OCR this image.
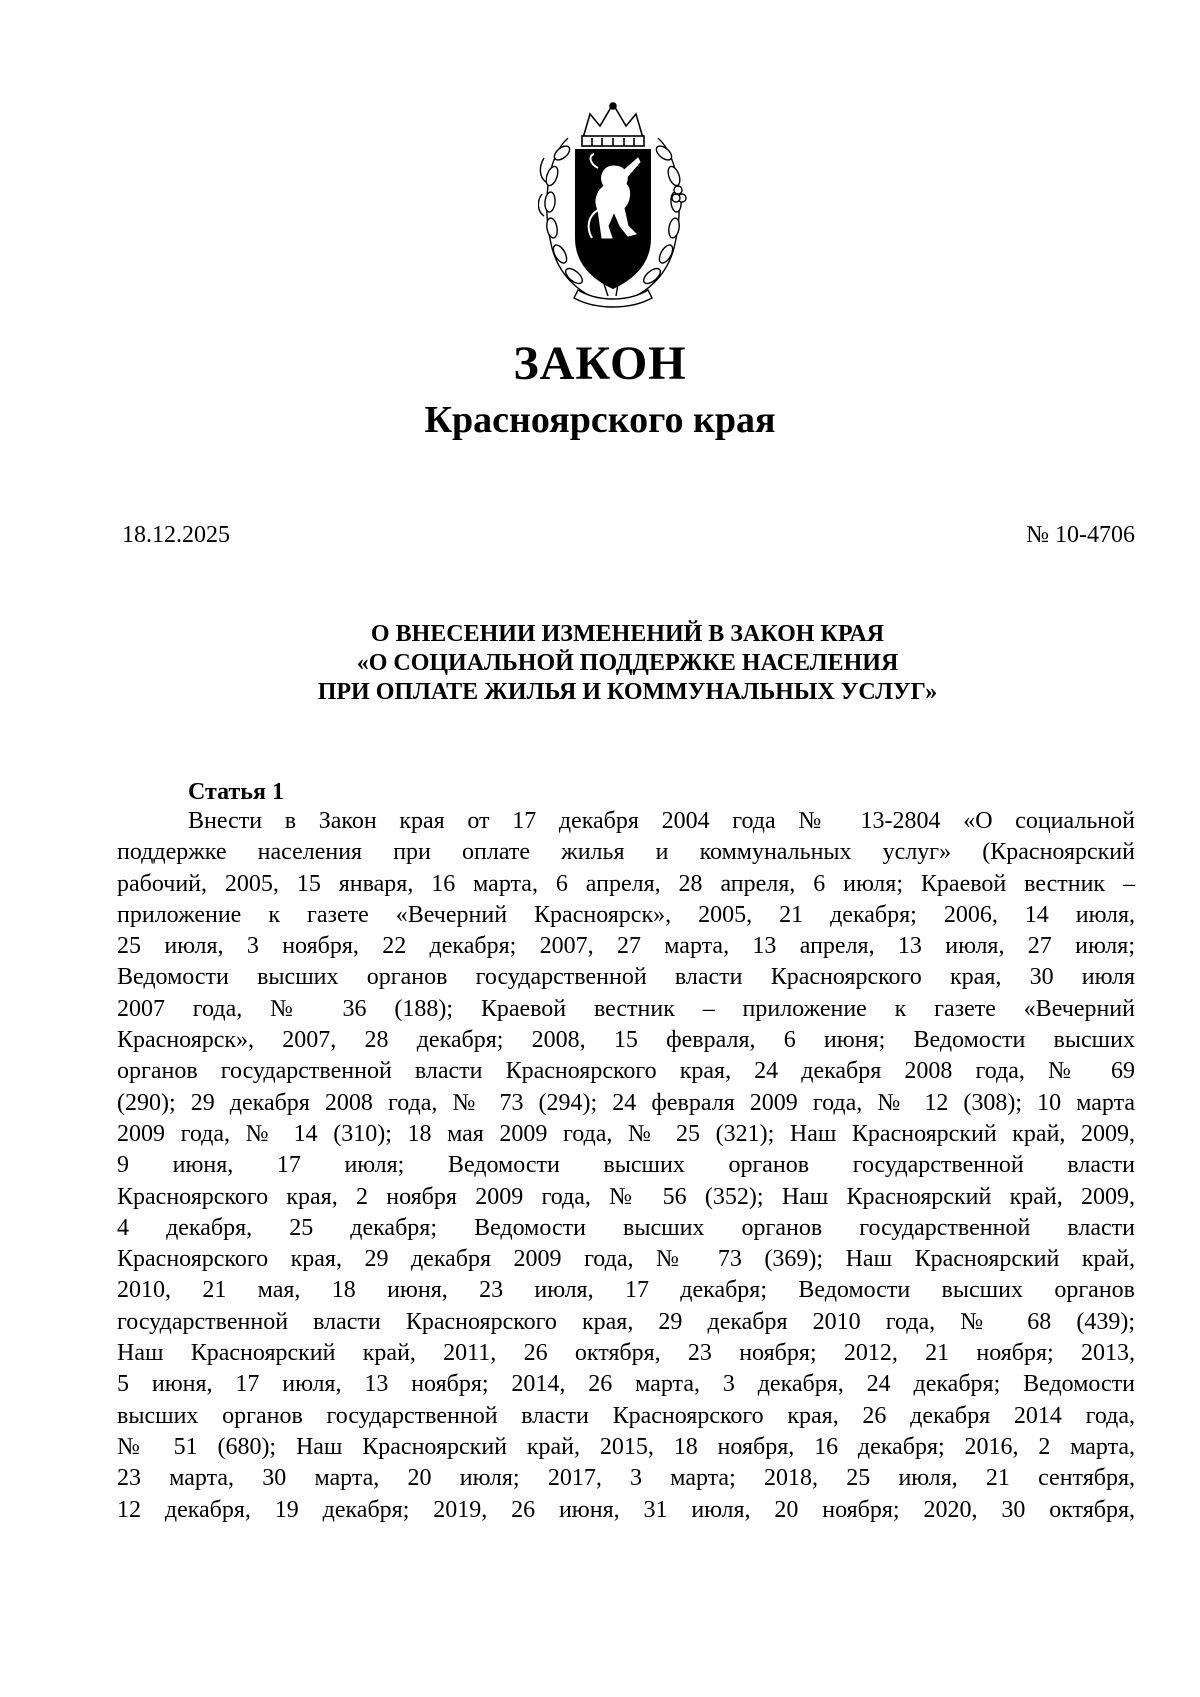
ЗАКОН
Красноярского края
18.12.2025	№ 10-4706
О ВНЕСЕНИИ ИЗМЕНЕНИЙ В ЗАКОН КРАЯ
«О СОЦИАЛЬНОЙ ПОДДЕРЖКЕ НАСЕЛЕНИЯ
ПРИ ОПЛАТЕ ЖИЛЬЯ И КОММУНАЛЬНЫХ УСЛУГ»
Статья 1
Внести в Закон края от 17 декабря 2004 года № 13-2804 «О социальной
поддержке населения при оплате жилья и коммунальных услуг» (Красноярский
рабочий, 2005, 15 января, 16 марта, 6 апреля, 28 апреля, 6 июля; Краевой вестник –
приложение к газете «Вечерний Красноярск», 2005, 21 декабря; 2006, 14 июля,
25 июля, 3 ноября, 22 декабря; 2007, 27 марта, 13 апреля, 13 июля, 27 июля;
Ведомости высших органов государственной власти Красноярского края, 30 июля
2007 года, № 36 (188); Краевой вестник – приложение к газете «Вечерний
Красноярск», 2007, 28 декабря; 2008, 15 февраля, 6 июня; Ведомости высших
органов государственной власти Красноярского края, 24 декабря 2008 года, № 69
(290); 29 декабря 2008 года, № 73 (294); 24 февраля 2009 года, № 12 (308); 10 марта
2009 года, № 14 (310); 18 мая 2009 года, № 25 (321); Наш Красноярский край, 2009,
9 июня, 17 июля; Ведомости высших органов государственной власти
Красноярского края, 2 ноября 2009 года, № 56 (352); Наш Красноярский край, 2009,
4 декабря, 25 декабря; Ведомости высших органов государственной власти
Красноярского края, 29 декабря 2009 года, № 73 (369); Наш Красноярский край,
2010, 21 мая, 18 июня, 23 июля, 17 декабря; Ведомости высших органов
государственной власти Красноярского края, 29 декабря 2010 года, № 68 (439);
Наш Красноярский край, 2011, 26 октября, 23 ноября; 2012, 21 ноября; 2013,
5 июня, 17 июля, 13 ноября; 2014, 26 марта, 3 декабря, 24 декабря; Ведомости
высших органов государственной власти Красноярского края, 26 декабря 2014 года,
№ 51 (680); Наш Красноярский край, 2015, 18 ноября, 16 декабря; 2016, 2 марта,
23 марта, 30 марта, 20 июля; 2017, 3 марта; 2018, 25 июля, 21 сентября,
12 декабря, 19 декабря; 2019, 26 июня, 31 июля, 20 ноября; 2020, 30 октября,
